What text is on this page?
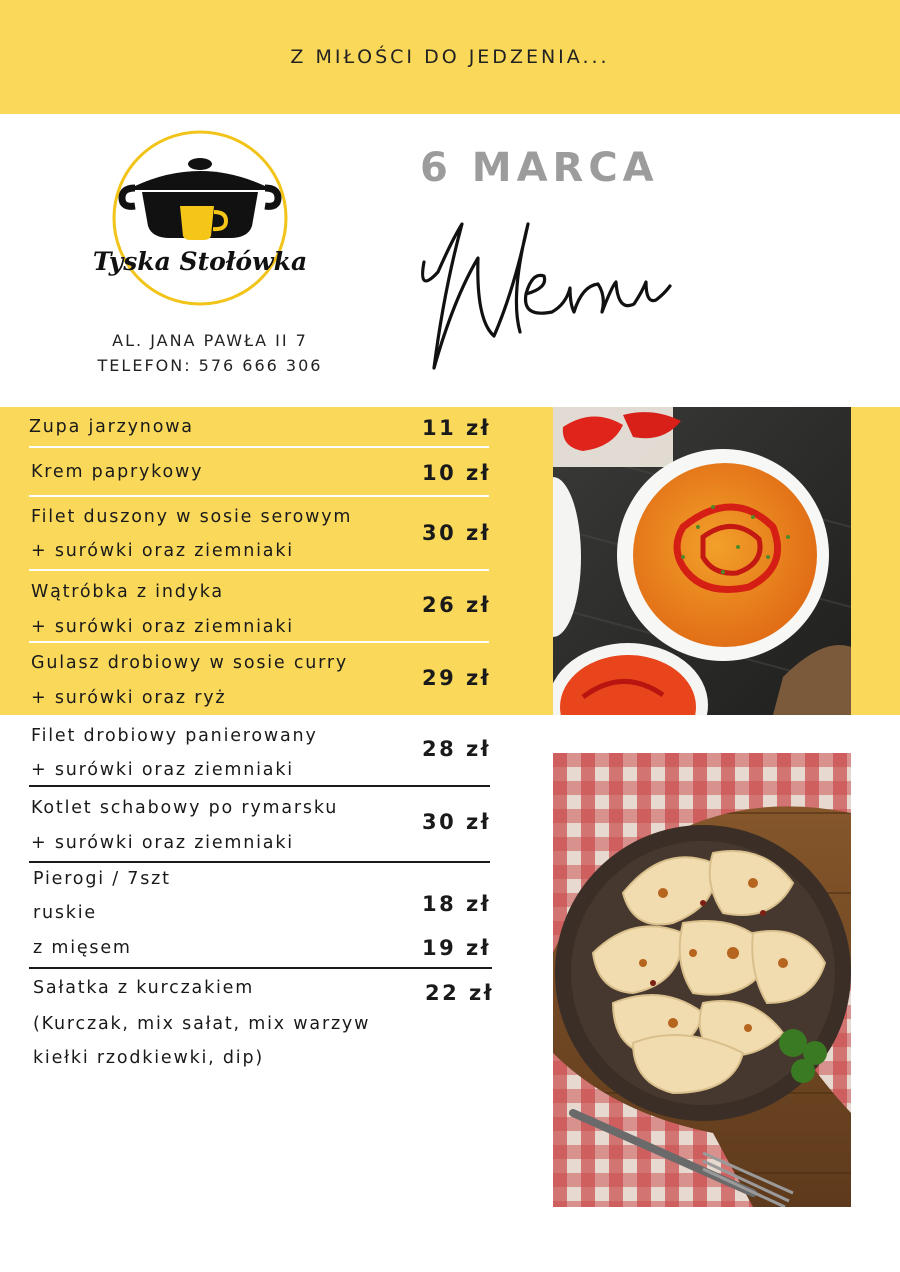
Z MIŁOŚCI DO JEDZENIA...
Tyska Stołówka
AL. JANA PAWŁA II 7
TELEFON: 576 666 306
6 MARCA
Zupa jarzynowa	11 zł
Krem paprykowy	10 zł
Filet duszony w sosie serowym
+ surówki oraz ziemniaki
30 zł
Wątróbka z indyka
+ surówki oraz ziemniaki
26 zł
Gulasz drobiowy w sosie curry
+ surówki oraz ryż
29 zł
Filet drobiowy panierowany
+ surówki oraz ziemniaki
28 zł
Kotlet schabowy po rymarsku
+ surówki oraz ziemniaki
30 zł
Pierogi / 7szt
ruskie
z mięsem
18 zł
19 zł
Sałatka z kurczakiem
(Kurczak, mix sałat, mix warzyw
kiełki rzodkiewki, dip)
22 zł
